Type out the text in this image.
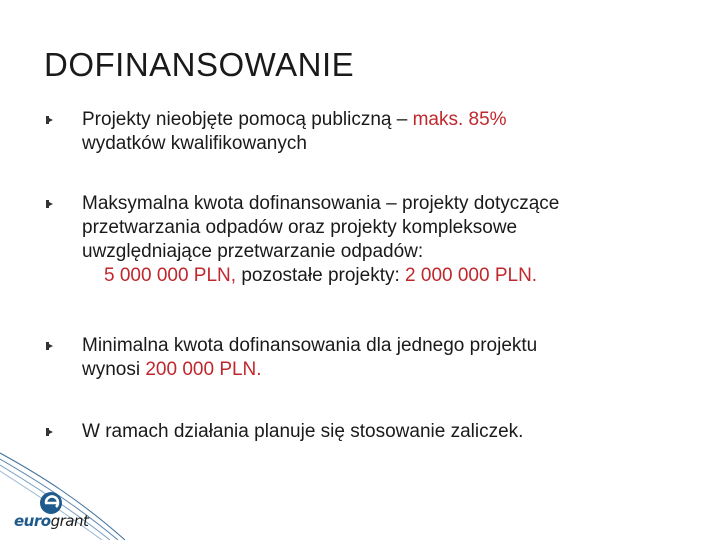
DOFINANSOWANIE
Projekty nieobjęte pomocą publiczną – maks. 85%
wydatków kwalifikowanych
Maksymalna kwota dofinansowania – projekty dotyczące
przetwarzania odpadów oraz projekty kompleksowe
uwzględniające przetwarzanie odpadów:
5 000 000 PLN, pozostałe projekty: 2 000 000 PLN.
Minimalna kwota dofinansowania dla jednego projektu
wynosi 200 000 PLN.
W ramach działania planuje się stosowanie zaliczek.
eurogrant
